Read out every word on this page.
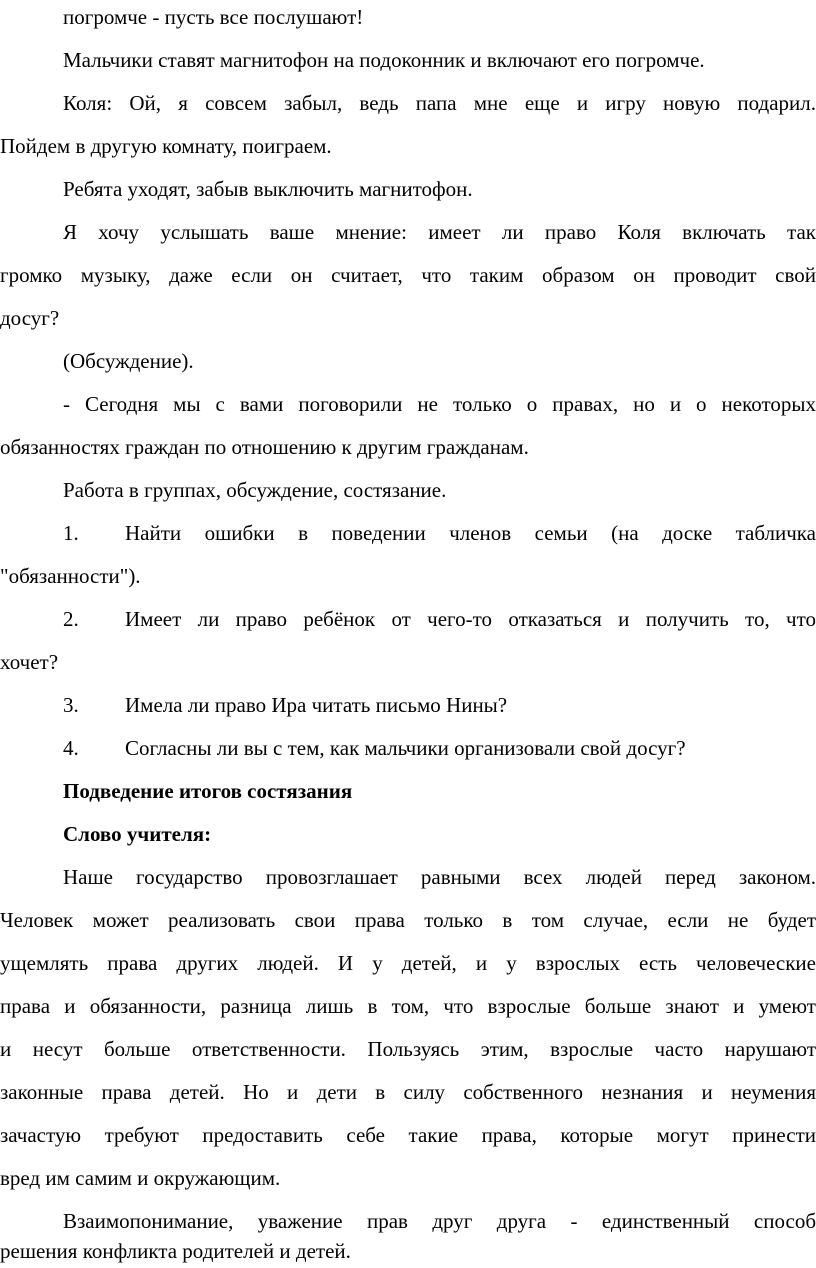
погромче - пусть все послушают!
Мальчики ставят магнитофон на подоконник и включают его погромче.
Коля: Ой, я совсем забыл, ведь папа мне еще и игру новую подарил.
Пойдем в другую комнату, поиграем.
Ребята уходят, забыв выключить магнитофон.
Я хочу услышать ваше мнение: имеет ли право Коля включать так
громко музыку, даже если он считает, что таким образом он проводит свой
досуг?
(Обсуждение).
- Сегодня мы с вами поговорили не только о правах, но и о некоторых
обязанностях граждан по отношению к другим гражданам.
Работа в группах, обсуждение, состязание.
1. Найти ошибки в поведении членов семьи (на доске табличка
"обязанности").
2. Имеет ли право ребёнок от чего-то отказаться и получить то, что
хочет?
3. Имела ли право Ира читать письмо Нины?
4. Согласны ли вы с тем, как мальчики организовали свой досуг?
Подведение итогов состязания
Слово учителя:
Наше государство провозглашает равными всех людей перед законом.
Человек может реализовать свои права только в том случае, если не будет
ущемлять права других людей. И у детей, и у взрослых есть человеческие
права и обязанности, разница лишь в том, что взрослые больше знают и умеют
и несут больше ответственности. Пользуясь этим, взрослые часто нарушают
законные права детей. Но и дети в силу собственного незнания и неумения
зачастую требуют предоставить себе такие права, которые могут принести
вред им самим и окружающим.
Взаимопонимание, уважение прав друг друга - единственный способ
решения конфликта родителей и детей.
